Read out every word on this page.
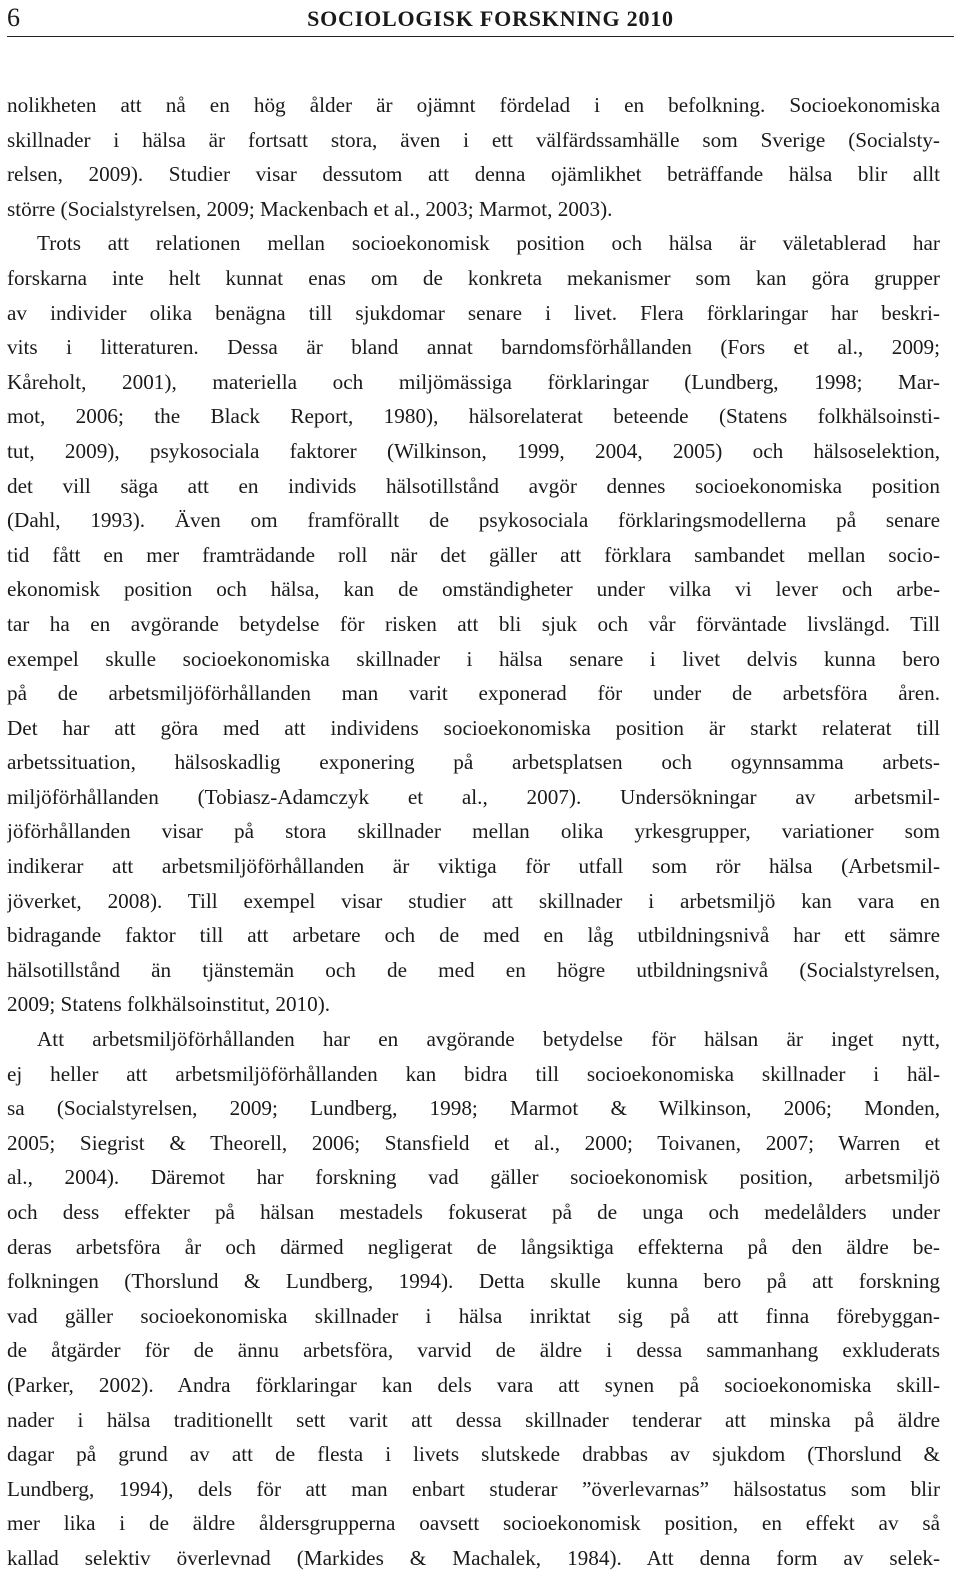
6	SOCIOLOGISK FORSKNING 2010
nolikheten att nå en hög ålder är ojämnt fördelad i en befolkning. Socioekonomiska
skillnader i hälsa är fortsatt stora, även i ett välfärdssamhälle som Sverige (Socialsty-
relsen, 2009). Studier visar dessutom att denna ojämlikhet beträffande hälsa blir allt
större (Socialstyrelsen, 2009; Mackenbach et al., 2003; Marmot, 2003).
Trots att relationen mellan socioekonomisk position och hälsa är väletablerad har
forskarna inte helt kunnat enas om de konkreta mekanismer som kan göra grupper
av individer olika benägna till sjukdomar senare i livet. Flera förklaringar har beskri-
vits i litteraturen. Dessa är bland annat barndomsförhållanden (Fors et al., 2009;
Kåreholt, 2001), materiella och miljömässiga förklaringar (Lundberg, 1998; Mar-
mot, 2006; the Black Report, 1980), hälsorelaterat beteende (Statens folkhälsoinsti-
tut, 2009), psykosociala faktorer (Wilkinson, 1999, 2004, 2005) och hälsoselektion,
det vill säga att en individs hälsotillstånd avgör dennes socioekonomiska position
(Dahl, 1993). Även om framförallt de psykosociala förklaringsmodellerna på senare
tid fått en mer framträdande roll när det gäller att förklara sambandet mellan socio-
ekonomisk position och hälsa, kan de omständigheter under vilka vi lever och arbe-
tar ha en avgörande betydelse för risken att bli sjuk och vår förväntade livslängd. Till
exempel skulle socioekonomiska skillnader i hälsa senare i livet delvis kunna bero
på de arbetsmiljöförhållanden man varit exponerad för under de arbetsföra åren.
Det har att göra med att individens socioekonomiska position är starkt relaterat till
arbetssituation, hälsoskadlig exponering på arbetsplatsen och ogynnsamma arbets-
miljöförhållanden (Tobiasz-Adamczyk et al., 2007). Undersökningar av arbetsmil-
jöförhållanden visar på stora skillnader mellan olika yrkesgrupper, variationer som
indikerar att arbetsmiljöförhållanden är viktiga för utfall som rör hälsa (Arbetsmil-
jöverket, 2008). Till exempel visar studier att skillnader i arbetsmiljö kan vara en
bidragande faktor till att arbetare och de med en låg utbildningsnivå har ett sämre
hälsotillstånd än tjänstemän och de med en högre utbildningsnivå (Socialstyrelsen,
2009; Statens folkhälsoinstitut, 2010).
Att arbetsmiljöförhållanden har en avgörande betydelse för hälsan är inget nytt,
ej heller att arbetsmiljöförhållanden kan bidra till socioekonomiska skillnader i häl-
sa (Socialstyrelsen, 2009; Lundberg, 1998; Marmot & Wilkinson, 2006; Monden,
2005; Siegrist & Theorell, 2006; Stansfield et al., 2000; Toivanen, 2007; Warren et
al., 2004). Däremot har forskning vad gäller socioekonomisk position, arbetsmiljö
och dess effekter på hälsan mestadels fokuserat på de unga och medelålders under
deras arbetsföra år och därmed negligerat de långsiktiga effekterna på den äldre be-
folkningen (Thorslund & Lundberg, 1994). Detta skulle kunna bero på att forskning
vad gäller socioekonomiska skillnader i hälsa inriktat sig på att finna förebyggan-
de åtgärder för de ännu arbetsföra, varvid de äldre i dessa sammanhang exkluderats
(Parker, 2002). Andra förklaringar kan dels vara att synen på socioekonomiska skill-
nader i hälsa traditionellt sett varit att dessa skillnader tenderar att minska på äldre
dagar på grund av att de flesta i livets slutskede drabbas av sjukdom (Thorslund &
Lundberg, 1994), dels för att man enbart studerar ”överlevarnas” hälsostatus som blir
mer lika i de äldre åldersgrupperna oavsett socioekonomisk position, en effekt av så
kallad selektiv överlevnad (Markides & Machalek, 1984). Att denna form av selek-
